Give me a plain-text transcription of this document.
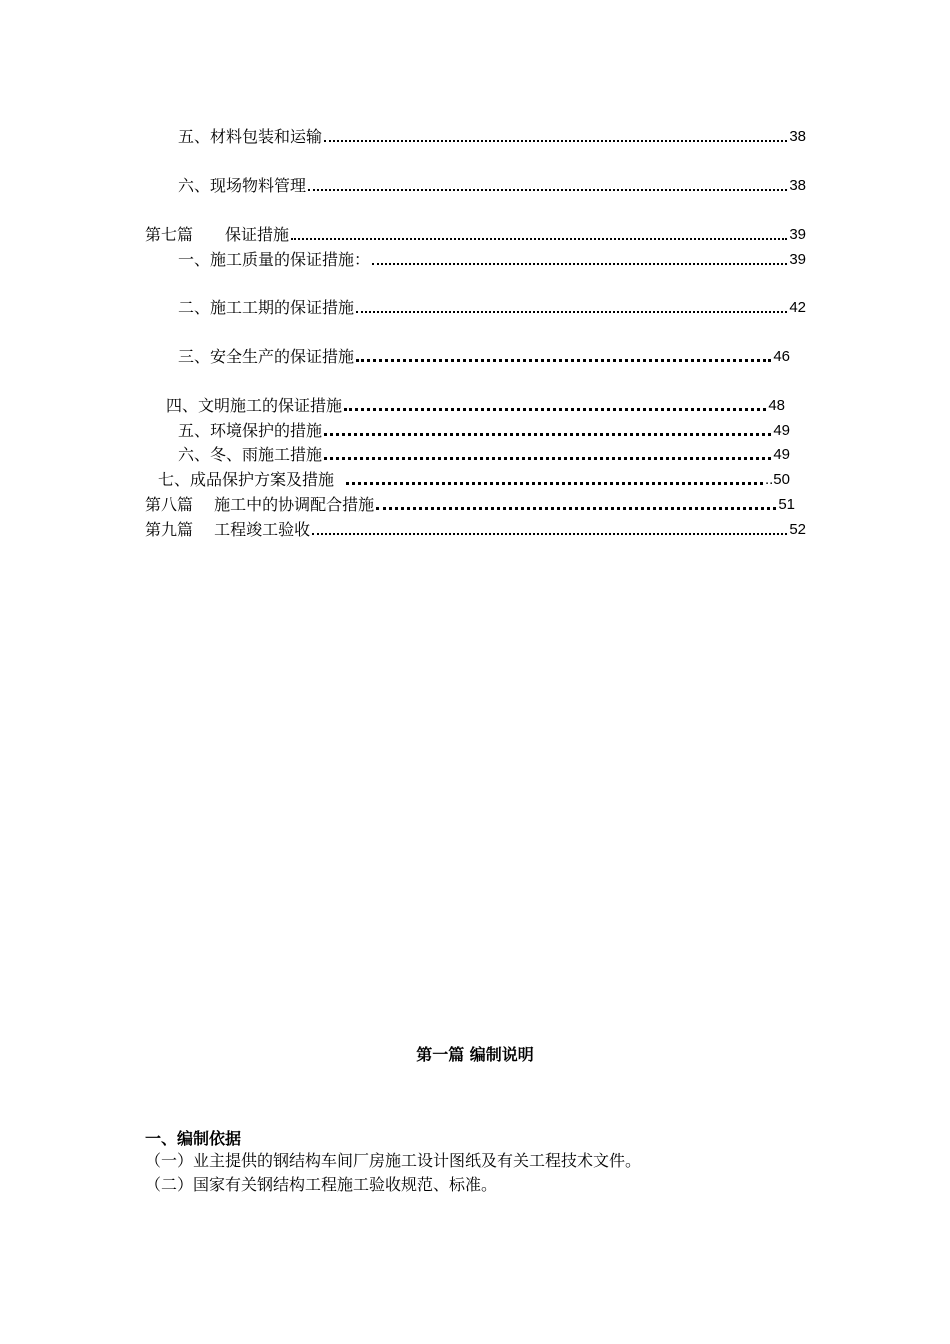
五、材料包装和运输	38
六、现场物料管理	38
第七篇　　保证措施	39
一、施工质量的保证措施：	39
二、施工工期的保证措施	42
三、安全生产的保证措施	46
四、文明施工的保证措施	48
五、环境保护的措施	49
六、冬、雨施工措施	49
七、成品保护方案及措施	..50
第八篇　 施工中的协调配合措施	51
第九篇　 工程竣工验收	52
第一篇 编制说明
一、编制依据
（一）业主提供的钢结构车间厂房施工设计图纸及有关工程技术文件。
（二）国家有关钢结构工程施工验收规范、标准。
